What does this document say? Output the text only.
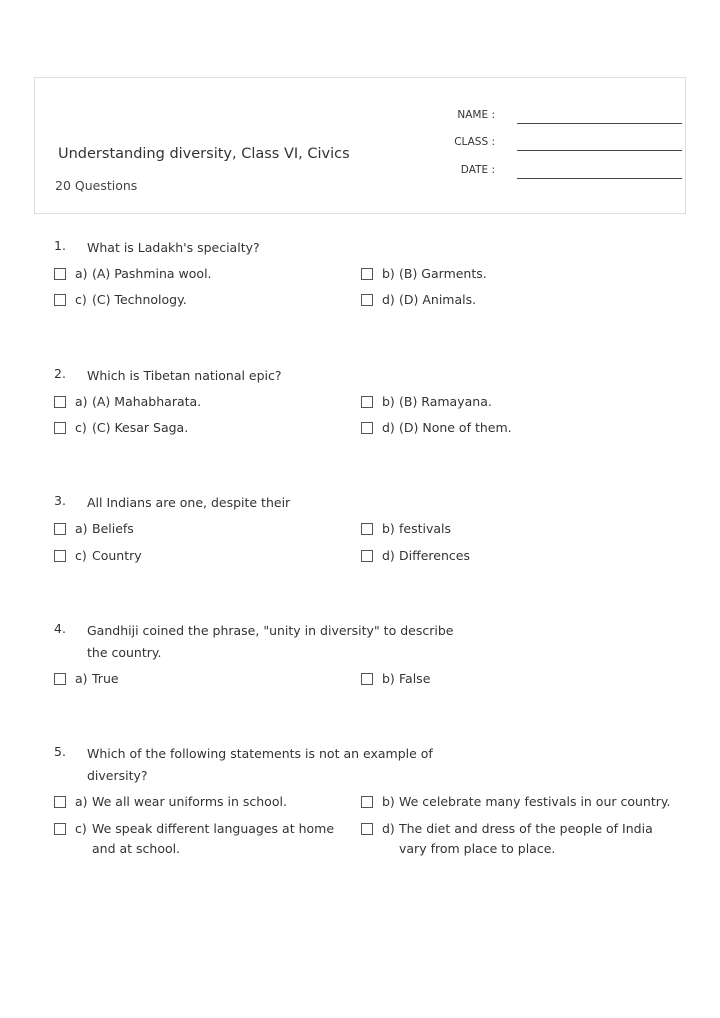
NAME :
CLASS :
DATE :
Understanding diversity, Class VI, Civics
20 Questions
1. What is Ladakh's specialty?
a) (A) Pashmina wool.	b) (B) Garments.
c) (C) Technology.	d) (D) Animals.
2. Which is Tibetan national epic?
a) (A) Mahabharata.	b) (B) Ramayana.
c) (C) Kesar Saga.	d) (D) None of them.
3. All Indians are one, despite their
a) Beliefs	b) festivals
c) Country	d) Differences
4. Gandhiji coined the phrase, "unity in diversity" to describe the country.
a) True	b) False
5. Which of the following statements is not an example of diversity?
a) We all wear uniforms in school.	b) We celebrate many festivals in our country.
c) We speak different languages at home and at school.
d) The diet and dress of the people of India vary from place to place.
